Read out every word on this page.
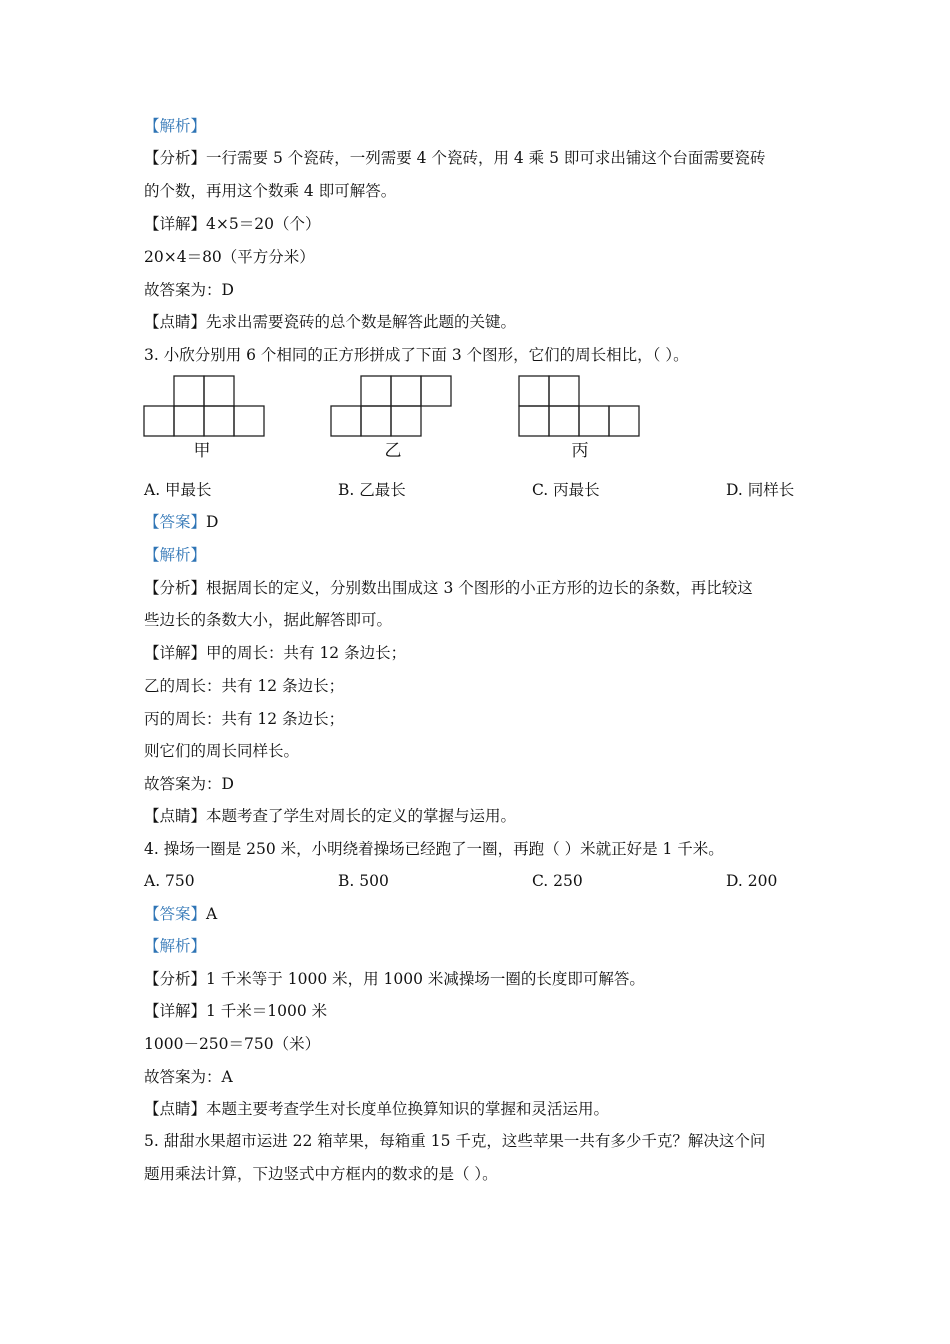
【解析】
【分析】一行需要 5 个瓷砖，一列需要 4 个瓷砖，用 4 乘 5 即可求出铺这个台面需要瓷砖
的个数，再用这个数乘 4 即可解答。
【详解】4×5＝20（个）
20×4＝80（平方分米）
故答案为：D
【点睛】先求出需要瓷砖的总个数是解答此题的关键。
3. 小欣分别用 6 个相同的正方形拼成了下面 3 个图形，它们的周长相比，（ ）。
甲	乙	丙
A. 甲最长	B. 乙最长	C. 丙最长	D. 同样长
【答案】D
【解析】
【分析】根据周长的定义，分别数出围成这 3 个图形的小正方形的边长的条数，再比较这
些边长的条数大小，据此解答即可。
【详解】甲的周长：共有 12 条边长；
乙的周长：共有 12 条边长；
丙的周长：共有 12 条边长；
则它们的周长同样长。
故答案为：D
【点睛】本题考查了学生对周长的定义的掌握与运用。
4. 操场一圈是 250 米，小明绕着操场已经跑了一圈，再跑（ ）米就正好是 1 千米。
A. 750	B. 500	C. 250	D. 200
【答案】A
【解析】
【分析】1 千米等于 1000 米，用 1000 米减操场一圈的长度即可解答。
【详解】1 千米＝1000 米
1000－250＝750（米）
故答案为：A
【点睛】本题主要考查学生对长度单位换算知识的掌握和灵活运用。
5. 甜甜水果超市运进 22 箱苹果，每箱重 15 千克，这些苹果一共有多少千克？解决这个问
题用乘法计算，下边竖式中方框内的数求的是（ ）。
